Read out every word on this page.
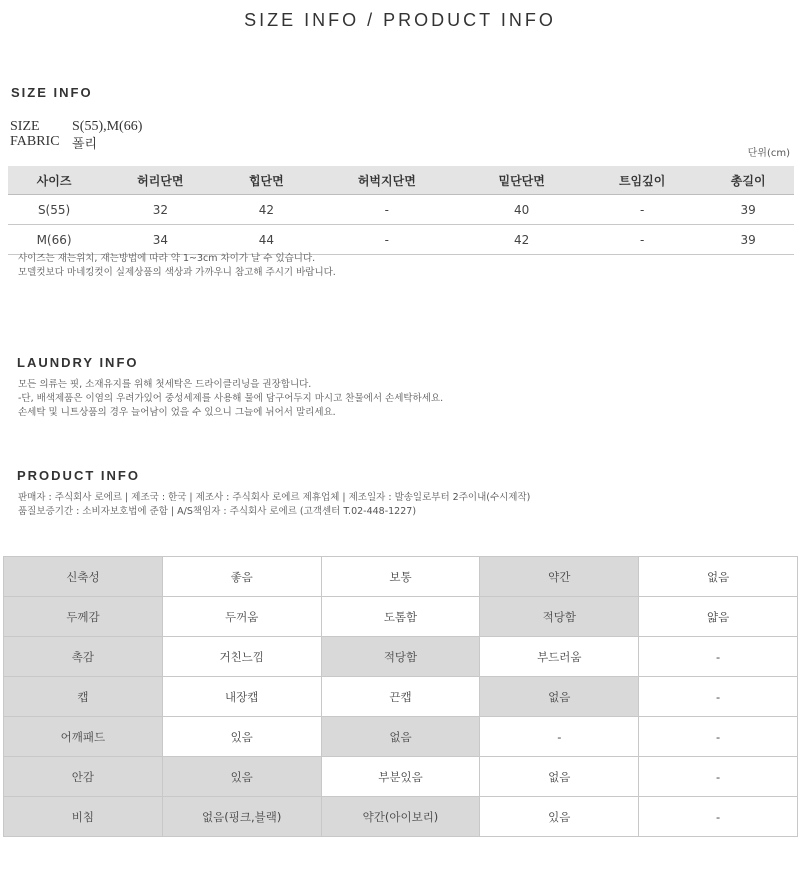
SIZE INFO / PRODUCT INFO
SIZE INFO
SIZE S(55),M(66)
FABRIC 폴리
단위(cm)
사이즈	허리단면	힙단면	허벅지단면	밑단단면	트임깊이	총길이
S(55)	32	42	-	40	-	39
M(66)	34	44	-	42	-	39
사이즈는 재는위치, 재는방법에 따라 약 1~3cm 차이가 날 수 있습니다.
모델컷보다 마네킹컷이 실제상품의 색상과 가까우니 참고해 주시기 바랍니다.
LAUNDRY INFO
모든 의류는 핏, 소재유지를 위해 첫세탁은 드라이클리닝을 권장합니다.
-단, 배색제품은 이염의 우려가있어 중성세제를 사용해 물에 담구어두지 마시고 찬물에서 손세탁하세요.
손세탁 및 니트상품의 경우 늘어남이 었을 수 있으니 그늘에 뉘어서 말리세요.
PRODUCT INFO
판매자 : 주식회사 로에르 | 제조국 : 한국 | 제조사 : 주식회사 로에르 제휴업체 | 제조일자 : 발송일로부터 2주이내(수시제작)
품질보증기간 : 소비자보호법에 준함 | A/S책임자 : 주식회사 로에르 (고객센터 T.02-448-1227)
신축성	좋음	보통	약간	없음
두께감	두꺼움	도톰함	적당함	얇음
촉감	거친느낌	적당함	부드러움	-
캡	내장캡	끈캡	없음	-
어깨패드	있음	없음	-	-
안감	있음	부분있음	없음	-
비침	없음(핑크,블랙)	약간(아이보리)	있음	-
